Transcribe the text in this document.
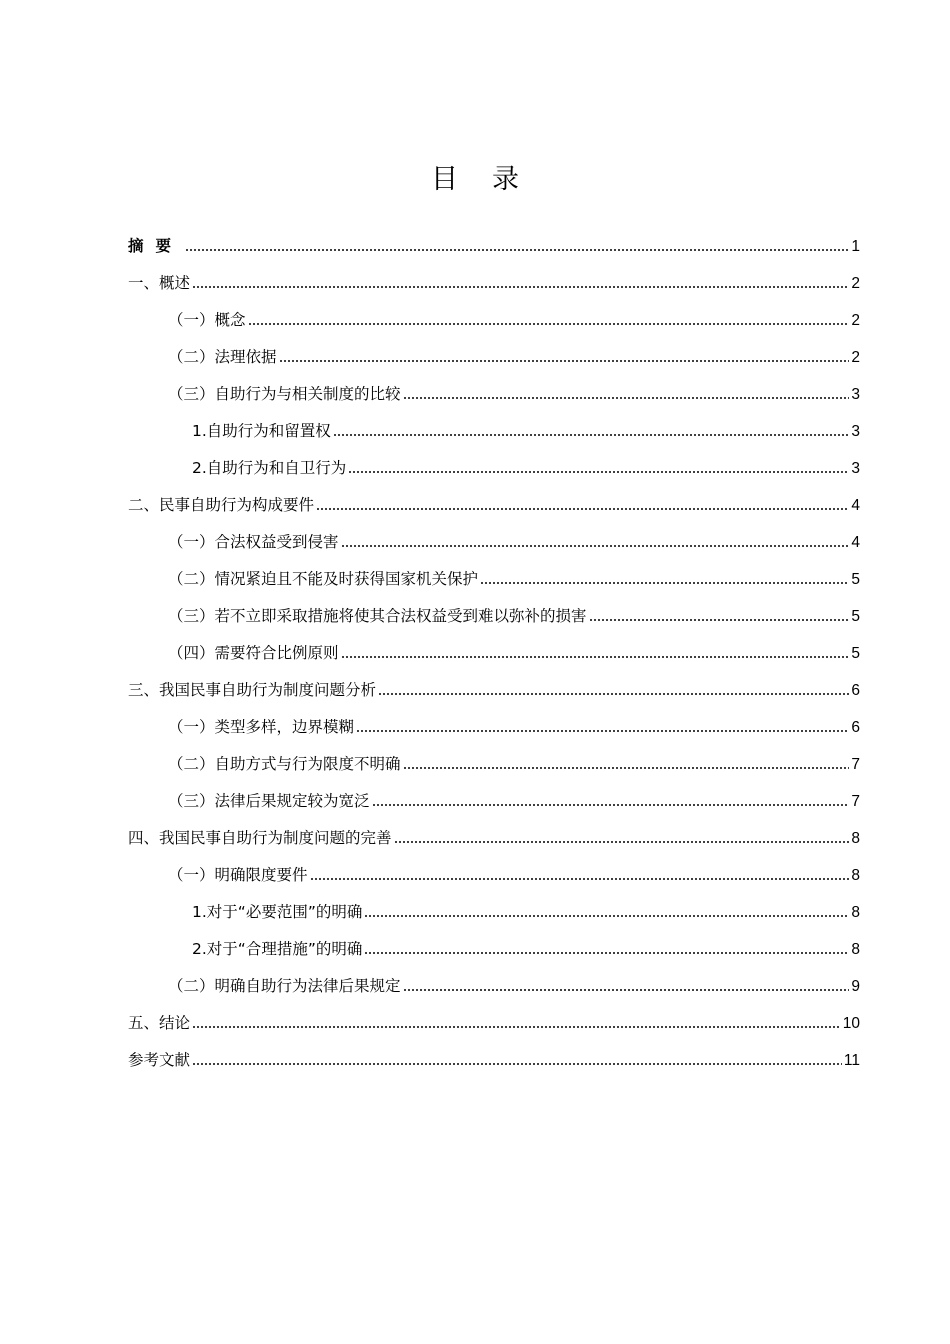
目录
摘要	1
一、概述	2
（一）概念	2
（二）法理依据	2
（三）自助行为与相关制度的比较	3
1.自助行为和留置权	3
2.自助行为和自卫行为	3
二、民事自助行为构成要件	4
（一）合法权益受到侵害	4
（二）情况紧迫且不能及时获得国家机关保护	5
（三）若不立即采取措施将使其合法权益受到难以弥补的损害	5
（四）需要符合比例原则	5
三、我国民事自助行为制度问题分析	6
（一）类型多样，边界模糊	6
（二）自助方式与行为限度不明确	7
（三）法律后果规定较为宽泛	7
四、我国民事自助行为制度问题的完善	8
（一）明确限度要件	8
1.对于“必要范围”的明确	8
2.对于“合理措施”的明确	8
（二）明确自助行为法律后果规定	9
五、结论	10
参考文献	11
